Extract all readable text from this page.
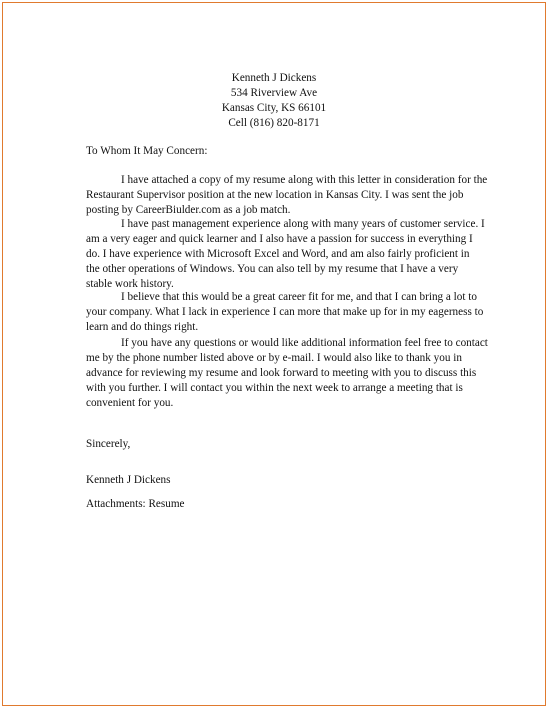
Kenneth J Dickens
534 Riverview Ave
Kansas City, KS 66101
Cell (816) 820-8171
To Whom It May Concern:
I have attached a copy of my resume along with this letter in consideration for the
Restaurant Supervisor position at the new location in Kansas City. I was sent the job
posting by CareerBiulder.com as a job match.
I have past management experience along with many years of customer service. I
am a very eager and quick learner and I also have a passion for success in everything I
do. I have experience with Microsoft Excel and Word, and am also fairly proficient in
the other operations of Windows. You can also tell by my resume that I have a very
stable work history.
I believe that this would be a great career fit for me, and that I can bring a lot to
your company. What I lack in experience I can more that make up for in my eagerness to
learn and do things right.
If you have any questions or would like additional information feel free to contact
me by the phone number listed above or by e-mail. I would also like to thank you in
advance for reviewing my resume and look forward to meeting with you to discuss this
with you further. I will contact you within the next week to arrange a meeting that is
convenient for you.
Sincerely,
Kenneth J Dickens
Attachments: Resume
